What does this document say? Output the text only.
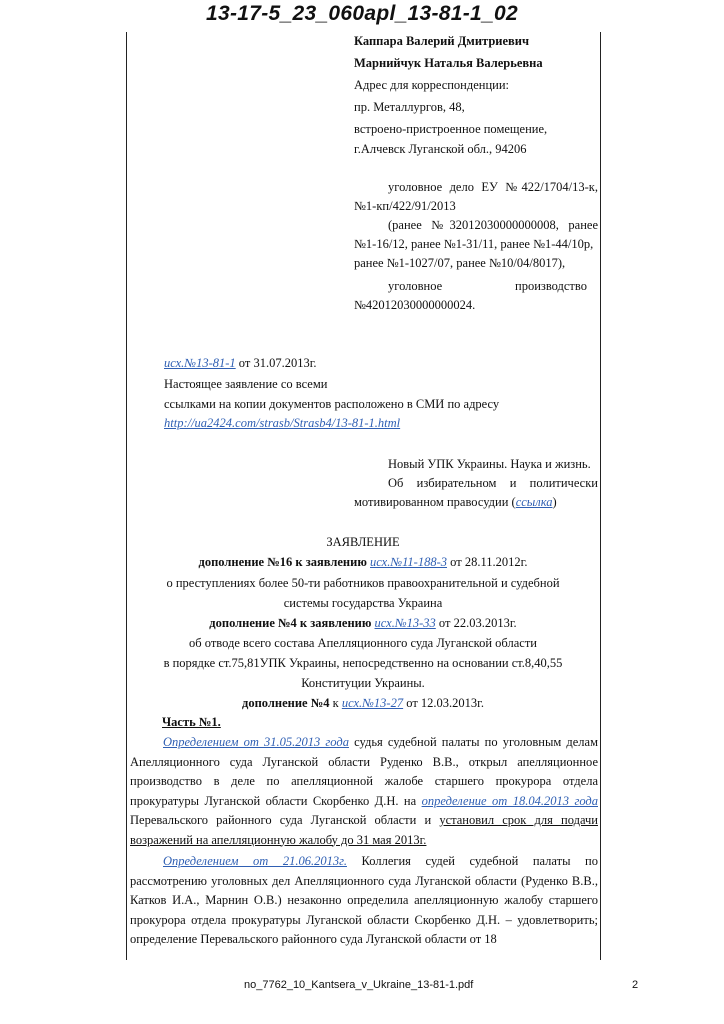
13-17-5_23_060apl_13-81-1_02
Каппара Валерий Дмитриевич
Марнийчук Наталья Валерьевна
Адрес для корреспонденции:
пр. Металлургов, 48,
встроено-пристроенное помещение,
г.Алчевск Луганской обл., 94206
уголовное дело ЕУ №422/1704/13-к,
№1-кп/422/91/2013
(ранее №32012030000000008, ранее
№1-16/12, ранее №1-31/11, ранее №1-44/10р,
ранее №1-1027/07, ранее №10/04/8017),
уголовное	производство
№42012030000000024.
исх.№13-81-1 от 31.07.2013г.
Настоящее заявление со всеми
ссылками на копии документов расположено в СМИ по адресу
http://ua2424.com/strasb/Strasb4/13-81-1.html
Новый УПК Украины. Наука и жизнь.
Об избирательном и политически
мотивированном правосудии (ссылка)
ЗАЯВЛЕНИЕ
дополнение №16 к заявлению исх.№11-188-3 от 28.11.2012г.
о преступлениях более 50-ти работников правоохранительной и судебной
системы государства Украина
дополнение №4 к заявлению исх.№13-33 от 22.03.2013г.
об отводе всего состава Апелляционного суда Луганской области
в порядке ст.75,81УПК Украины, непосредственно на основании ст.8,40,55
Конституции Украины.
дополнение №4 к исх.№13-27 от 12.03.2013г.
Часть №1.
Определением от 31.05.2013 года судья судебной палаты по уголовным делам Апелляционного суда Луганской области Руденко В.В., открыл апелляционное производство в деле по апелляционной жалобе старшего прокурора отдела прокуратуры Луганской области Скорбенко Д.Н. на определение от 18.04.2013 года Перевальского районного суда Луганской области и установил срок для подачи возражений на апелляционную жалобу до 31 мая 2013г.
Определением от 21.06.2013г. Коллегия судей судебной палаты по рассмотрению уголовных дел Апелляционного суда Луганской области (Руденко В.В., Катков И.А., Марнин О.В.) незаконно определила апелляционную жалобу старшего прокурора отдела прокуратуры Луганской области Скорбенко Д.Н. – удовлетворить; определение Перевальского районного суда Луганской области от 18
no_7762_10_Kantsera_v_Ukraine_13-81-1.pdf	2
